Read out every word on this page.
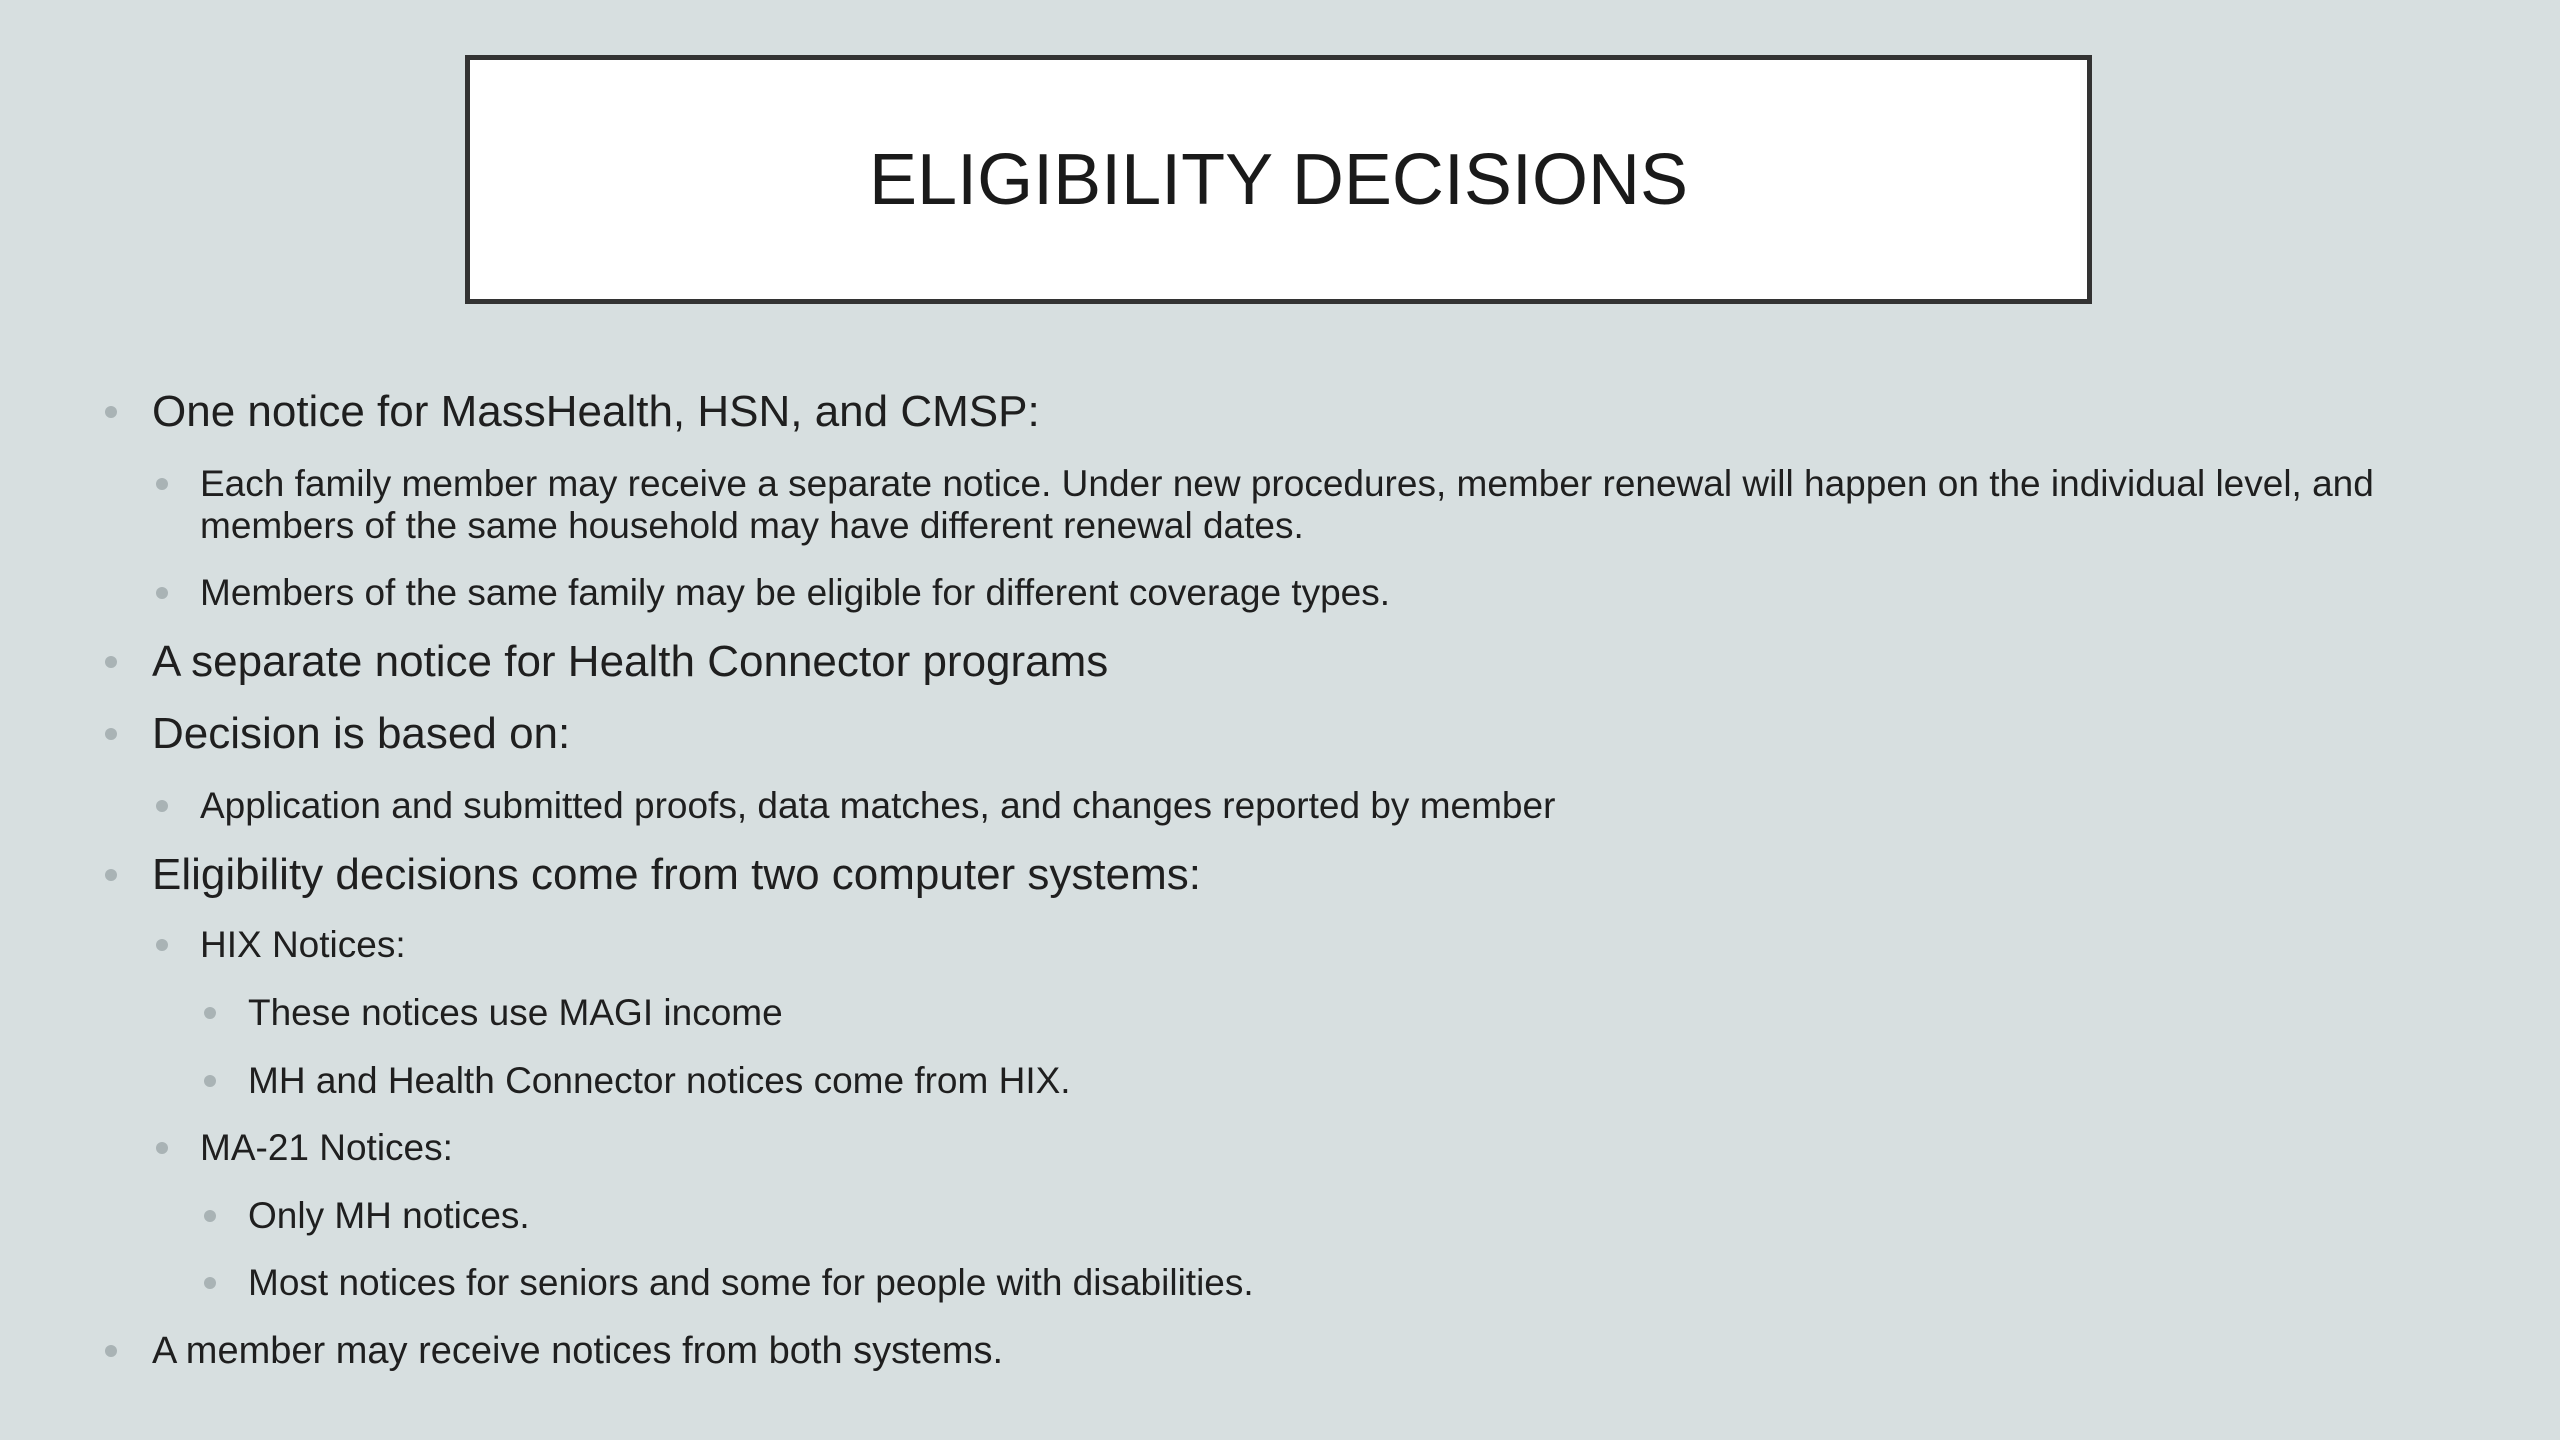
ELIGIBILITY DECISIONS
One notice for MassHealth, HSN, and CMSP:
Each family member may receive a separate notice. Under new procedures, member renewal will happen on the individual level, and members of the same household may have different renewal dates.
Members of the same family may be eligible for different coverage types.
A separate notice for Health Connector programs
Decision is based on:
Application and submitted proofs, data matches, and changes reported by member
Eligibility decisions come from two computer systems:
HIX Notices:
These notices use MAGI income
MH and Health Connector notices come from HIX.
MA-21 Notices:
Only MH notices.
Most notices for seniors and some for people with disabilities.
A member may receive notices from both systems.
